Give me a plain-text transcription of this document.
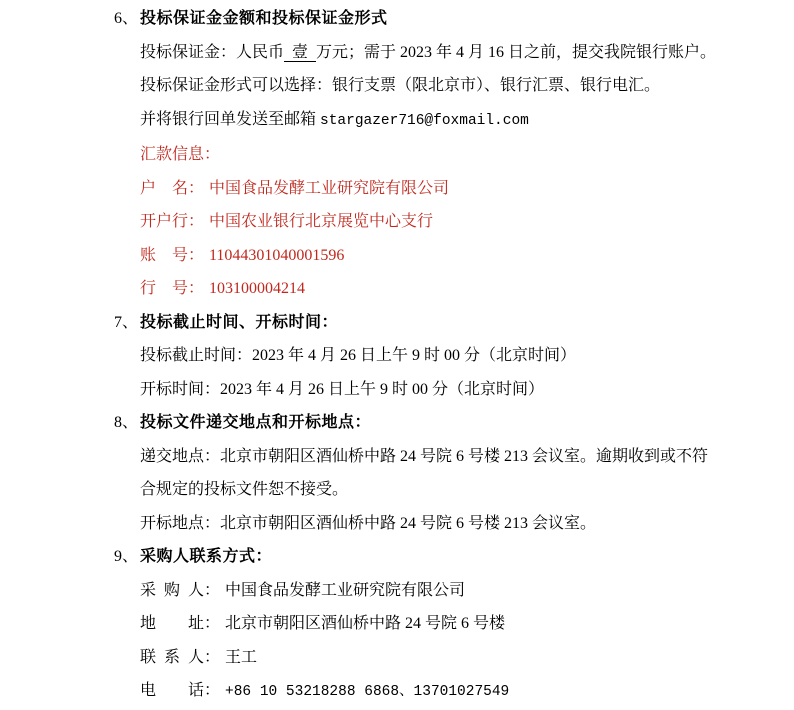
6、 投标保证金金额和投标保证金形式

投标保证金：人民币 壹 万元；需于 2023 年 4 月 16 日之前，提交我院银行账户。

投标保证金形式可以选择：银行支票（限北京市）、银行汇票、银行电汇。

并将银行回单发送至邮箱 stargazer716@foxmail.com

汇款信息：

户名： 中国食品发酵工业研究院有限公司

开户行： 中国农业银行北京展览中心支行

账号： 11044301040001596

行号： 103100004214

7、 投标截止时间、开标时间：

投标截止时间：2023 年 4 月 26 日上午 9 时 00 分（北京时间）

开标时间：2023 年 4 月 26 日上午 9 时 00 分（北京时间）

8、 投标文件递交地点和开标地点：

递交地点：北京市朝阳区酒仙桥中路 24 号院 6 号楼 213 会议室。逾期收到或不符
合规定的投标文件恕不接受。

开标地点：北京市朝阳区酒仙桥中路 24 号院 6 号楼 213 会议室。

9、 采购人联系方式：

采购人： 中国食品发酵工业研究院有限公司

地址： 北京市朝阳区酒仙桥中路 24 号院 6 号楼

联系人： 王工

电话： +86 10 53218288 6868、13701027549
